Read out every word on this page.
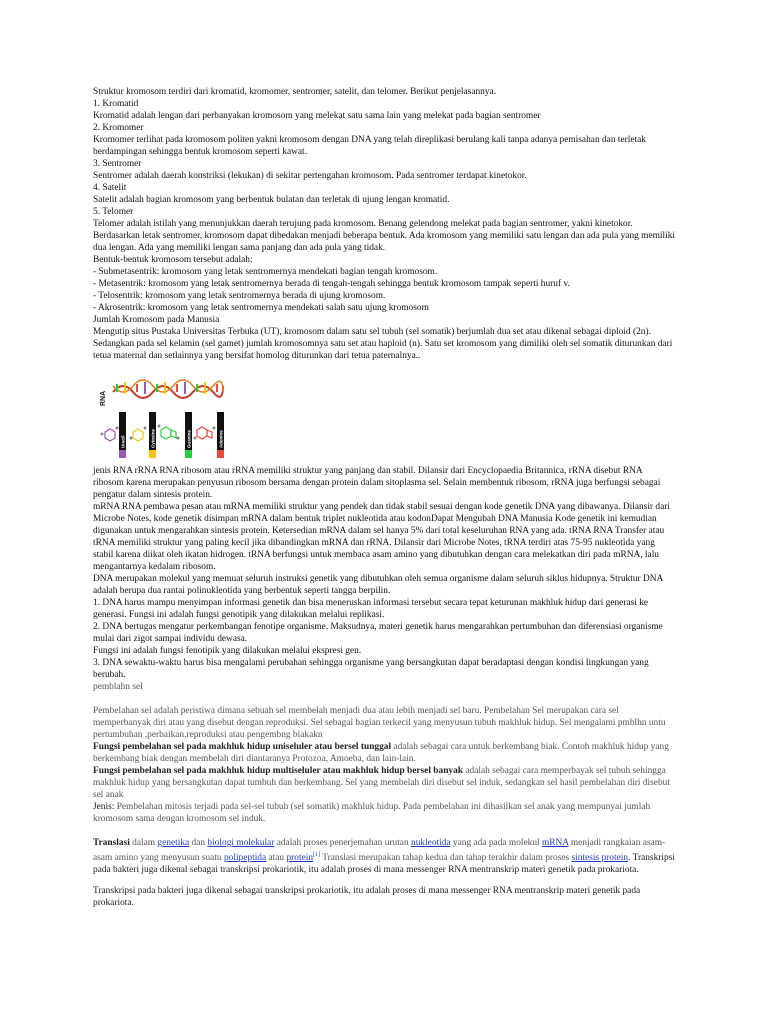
Struktur kromosom terdiri dari kromatid, kromomer, sentromer, satelit, dan telomer. Berikut penjelasannya.

1. Kromatid

Kromatid adalah lengan dari perbanyakan kromosom yang melekat satu sama lain yang melekat pada bagian sentromer

2. Kromomer

Kromomer terlihat pada kromosom politen yakni kromosom dengan DNA yang telah direplikasi berulang kali tanpa adanya pemisahan dan terletak berdampingan sehingga bentuk kromosom seperti kawat.

3. Sentromer

Sentromer adalah daerah konstriksi (lekukan) di sekitar pertengahan kromosom. Pada sentromer terdapat kinetokor.

4. Satelit

Satelit adalah bagian kromosom yang berbentuk bulatan dan terletak di ujung lengan kromatid.

5. Telomer

Telomer adalah istilah yang menunjukkan daerah terujung pada kromosom. Benang gelendong melekat pada bagian sentromer, yakni kinetokor.

Berdasarkan letak sentromer, kromosom dapat dibedakan menjadi beberapa bentuk. Ada kromosom yang memiliki satu lengan dan ada pula yang memiliki dua lengan. Ada yang memiliki lengan sama panjang dan ada pula yang tidak.

Bentuk-bentuk kromosom tersebut adalah:

- Submetasentrik: kromosom yang letak sentromernya mendekati bagian tengah kromosom.

- Metasentrik: kromosom yang letak sentromernya berada di tengah-tengah sehingga bentuk kromosom tampak seperti huruf v.

- Telosentrik: kromosom yang letak sentromernya berada di ujung kromosom.

- Akrosentrik: kromosom yang letak sentromernya mendekati salah satu ujung kromosom

Jumlah Kromosom pada Manusia

Mengutip situs Pustaka Universitas Terbuka (UT), kromosom dalam satu sel tubuh (sel somatik) berjumlah dua set atau dikenal sebagai diploid (2n).

Sedangkan pada sel kelamin (sel gamet) jumlah kromosomnya satu set atau haploid (n). Satu set kromosom yang dimiliki oleh sel somatik diturunkan dari tetua maternal dan setlainnya yang bersifat homolog diturunkan dari tetua paternalnya..

RNA
Uracil	Cytosine	Guanine	Adenine

jenis RNA rRNA RNA ribosom atau rRNA memiliki struktur yang panjang dan stabil. Dilansir dari Encyclopaedia Britannica, rRNA disebut RNA ribosom karena merupakan penyusun ribosom bersama dengan protein dalam sitoplasma sel. Selain membentuk ribosom, rRNA juga berfungsi sebagai pengatur dalam sintesis protein.

mRNA RNA pembawa pesan atau mRNA memiliki struktur yang pendek dan tidak stabil sesuai dengan kode genetik DNA yang dibawanya. Dilansir dari Microbe Notes, kode genetik disimpan mRNA dalam bentuk triplet nukleotida atau kodonDapat Mengubah DNA Manusia Kode genetik ini kemudian digunakan untuk mengarahkan sintesis protein. Ketersedian mRNA dalam sel hanya 5% dari total keseluruhan RNA yang ada. tRNA RNA Transfer atau tRNA memiliki struktur yang paling kecil jika dibandingkan mRNA dan rRNA. Dilansir dari Microbe Notes, tRNA terdiri atas 75-95 nukleotida yang stabil karena diikat oleh ikatan hidrogen. tRNA berfungsi untuk membaca asam amino yang dibutuhkan dengan cara melekatkan diri pada mRNA, lalu mengantarnya kedalam ribosom.

DNA merupakan molekul yang memuat seluruh instruksi genetik yang dibutuhkan oleh semua organisme dalam seluruh siklus hidupnya. Struktur DNA adalah berupa dua rantai polinukleotida yang berbentuk seperti tangga berpilin.

1. DNA harus mampu menyimpan informasi genetik dan bisa meneruskan informasi tersebut secara tepat keturunan makhluk hidup dari generasi ke generasi. Fungsi ini adalah fungsi genotipik yang dilakukan melalui replikasi.

2. DNA bertugas mengatur perkembangan fenotipe organisme. Maksudnya, materi genetik harus mengarahkan pertumbuhan dan diferensiasi organisme mulai dari zigot sampai individu dewasa.

Fungsi ini adalah fungsi fenotipik yang dilakukan melalui ekspresi gen.

3. DNA sewaktu-waktu harus bisa mengalami perubahan sehingga organisme yang bersangkutan dapat beradaptasi dengan kondisi lingkungan yang berubah.

pemblahn sel

Pembelahan sel adalah peristiwa dimana sebuah sel membelah menjadi dua atau lebih menjadi sel baru. Pembelahan Sel merupakan cara sel memperbanyak diri atau yang disebut dengan reproduksi. Sel sebagai bagian terkecil yang menyusun tubuh makhluk hidup. Sel mengalami pmblhn untu pertumbuhan ,perbaikan,reproduksi atau pengembng biakakn

Fungsi pembelahan sel pada makhluk hidup uniseluler atau bersel tunggal adalah sebagai cara untuk berkembang biak. Contoh makhluk hidup yang berkembang biak dengan membelah diri diantaranya Protozoa, Amoeba, dan lain-lain.

Fungsi pembelahan sel pada makhluk hidup multiseluler atau makhluk hidup bersel banyak adalah sebagai cara memperbayak sel tubuh sehingga makhluk hidup yang bersangkutan dapat tumbuh dan berkembang. Sel yang membelah diri disebut sel induk, sedangkan sel hasil pembelahan diri disebut sel anak

Jenis: Pembelahan mitosis terjadi pada sel-sel tubuh (sel somatik) makhluk hidup. Pada pembelahan ini dihasilkan sel anak yang mempunyai jumlah kromosom sama dengan kromosom sel induk.

Translasi dalam genetika dan biologi molekular adalah proses penerjemahan urutan nukleotida yang ada pada molekul mRNA menjadi rangkaian asam-asam amino yang menyusun suatu polipeptida atau protein[1] Translasi merupakan tahap kedua dan tahap terakhir dalam proses sintesis protein. Transkripsi pada bakteri juga dikenal sebagai transkripsi prokariotik, itu adalah proses di mana messenger RNA mentranskrip materi genetik pada prokariota.

Transkripsi pada bakteri juga dikenal sebagai transkripsi prokariotik, itu adalah proses di mana messenger RNA mentranskrip materi genetik pada prokariota.
